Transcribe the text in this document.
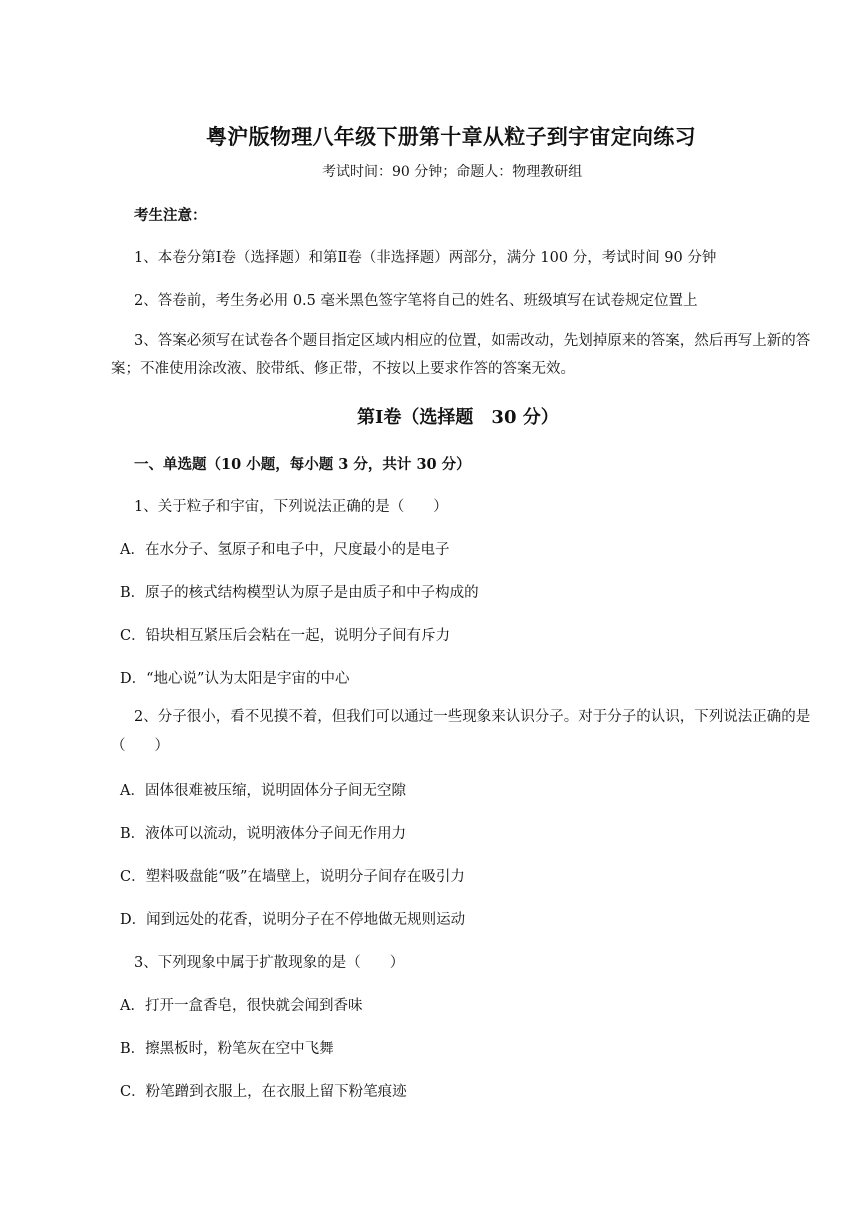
粤沪版物理八年级下册第十章从粒子到宇宙定向练习
考试时间：90 分钟；命题人：物理教研组
考生注意：
1、本卷分第Ⅰ卷（选择题）和第Ⅱ卷（非选择题）两部分，满分 100 分，考试时间 90 分钟
2、答卷前，考生务必用 0.5 毫米黑色签字笔将自己的姓名、班级填写在试卷规定位置上
3、答案必须写在试卷各个题目指定区域内相应的位置，如需改动，先划掉原来的答案，然后再写上新的答案；不准使用涂改液、胶带纸、修正带，不按以上要求作答的答案无效。
第Ⅰ卷（选择题　30 分）
一、单选题（10 小题，每小题 3 分，共计 30 分）
1、关于粒子和宇宙，下列说法正确的是（　　）
A．在水分子、氢原子和电子中，尺度最小的是电子
B．原子的核式结构模型认为原子是由质子和中子构成的
C．铅块相互紧压后会粘在一起，说明分子间有斥力
D．“地心说”认为太阳是宇宙的中心
2、分子很小，看不见摸不着，但我们可以通过一些现象来认识分子。对于分子的认识，下列说法正确的是（　　）
A．固体很难被压缩，说明固体分子间无空隙
B．液体可以流动，说明液体分子间无作用力
C．塑料吸盘能“吸”在墙壁上，说明分子间存在吸引力
D．闻到远处的花香，说明分子在不停地做无规则运动
3、下列现象中属于扩散现象的是（　　）
A．打开一盒香皂，很快就会闻到香味
B．擦黑板时，粉笔灰在空中飞舞
C．粉笔蹭到衣服上，在衣服上留下粉笔痕迹
